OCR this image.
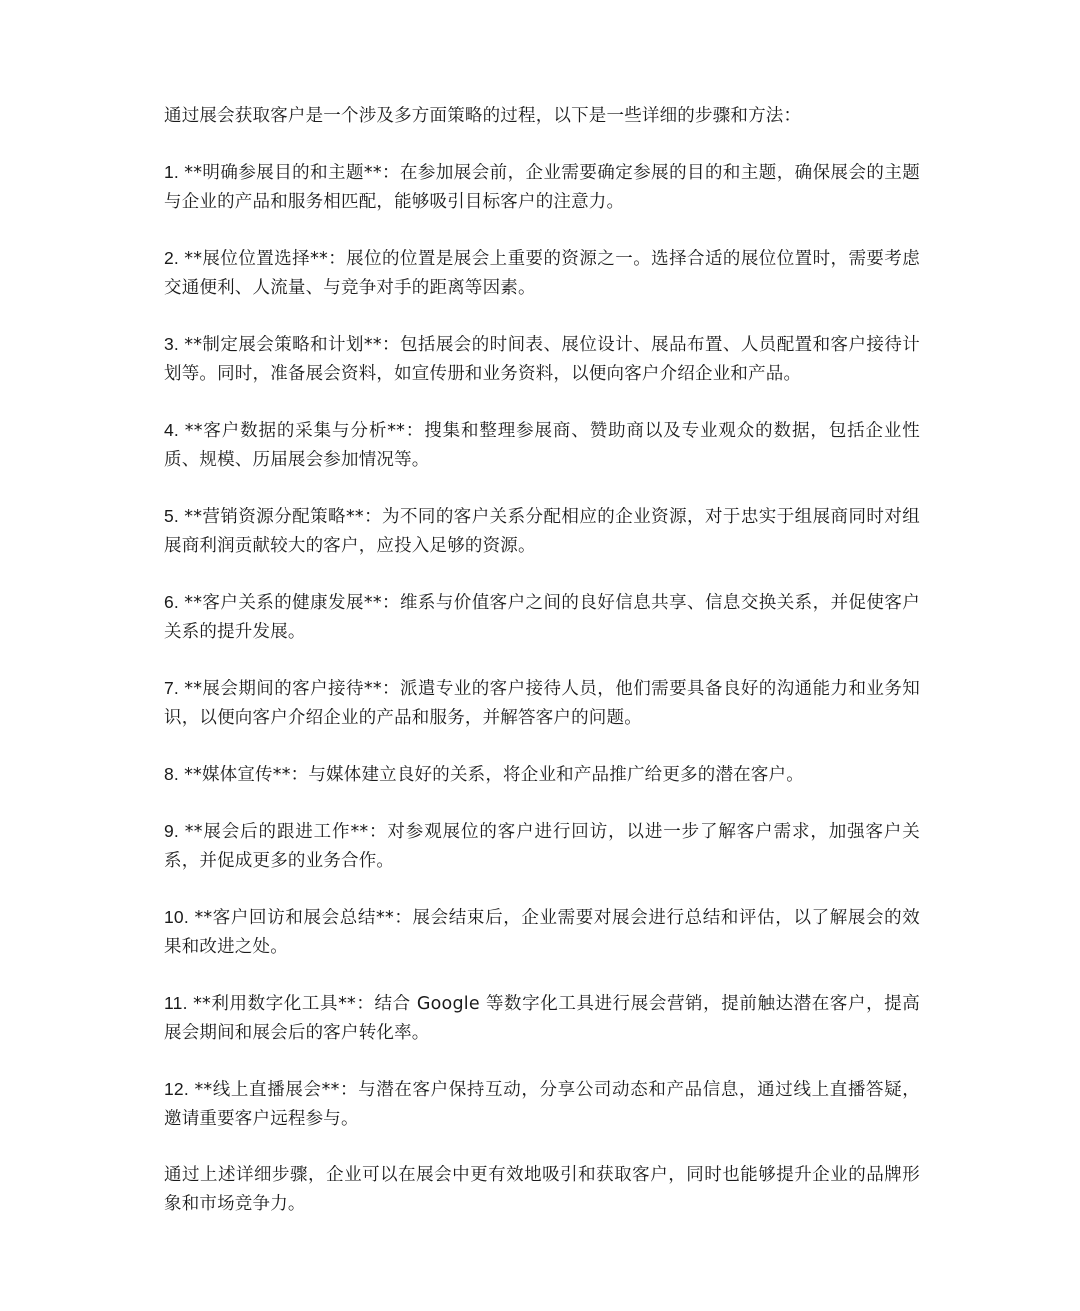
通过展会获取客户是一个涉及多方面策略的过程，以下是一些详细的步骤和方法：

1. **明确参展目的和主题**：在参加展会前，企业需要确定参展的目的和主题，确保展会的主题与企业的产品和服务相匹配，能够吸引目标客户的注意力。

2. **展位位置选择**：展位的位置是展会上重要的资源之一。选择合适的展位位置时，需要考虑交通便利、人流量、与竞争对手的距离等因素。

3. **制定展会策略和计划**：包括展会的时间表、展位设计、展品布置、人员配置和客户接待计划等。同时，准备展会资料，如宣传册和业务资料，以便向客户介绍企业和产品。

4. **客户数据的采集与分析**：搜集和整理参展商、赞助商以及专业观众的数据，包括企业性质、规模、历届展会参加情况等。

5. **营销资源分配策略**：为不同的客户关系分配相应的企业资源，对于忠实于组展商同时对组展商利润贡献较大的客户，应投入足够的资源。

6. **客户关系的健康发展**：维系与价值客户之间的良好信息共享、信息交换关系，并促使客户关系的提升发展。

7. **展会期间的客户接待**：派遣专业的客户接待人员，他们需要具备良好的沟通能力和业务知识，以便向客户介绍企业的产品和服务，并解答客户的问题。

8. **媒体宣传**：与媒体建立良好的关系，将企业和产品推广给更多的潜在客户。

9. **展会后的跟进工作**：对参观展位的客户进行回访，以进一步了解客户需求，加强客户关系，并促成更多的业务合作。

10. **客户回访和展会总结**：展会结束后，企业需要对展会进行总结和评估，以了解展会的效果和改进之处。

11. **利用数字化工具**：结合 Google 等数字化工具进行展会营销，提前触达潜在客户，提高展会期间和展会后的客户转化率。

12. **线上直播展会**：与潜在客户保持互动，分享公司动态和产品信息，通过线上直播答疑，邀请重要客户远程参与。

通过上述详细步骤，企业可以在展会中更有效地吸引和获取客户，同时也能够提升企业的品牌形象和市场竞争力。
